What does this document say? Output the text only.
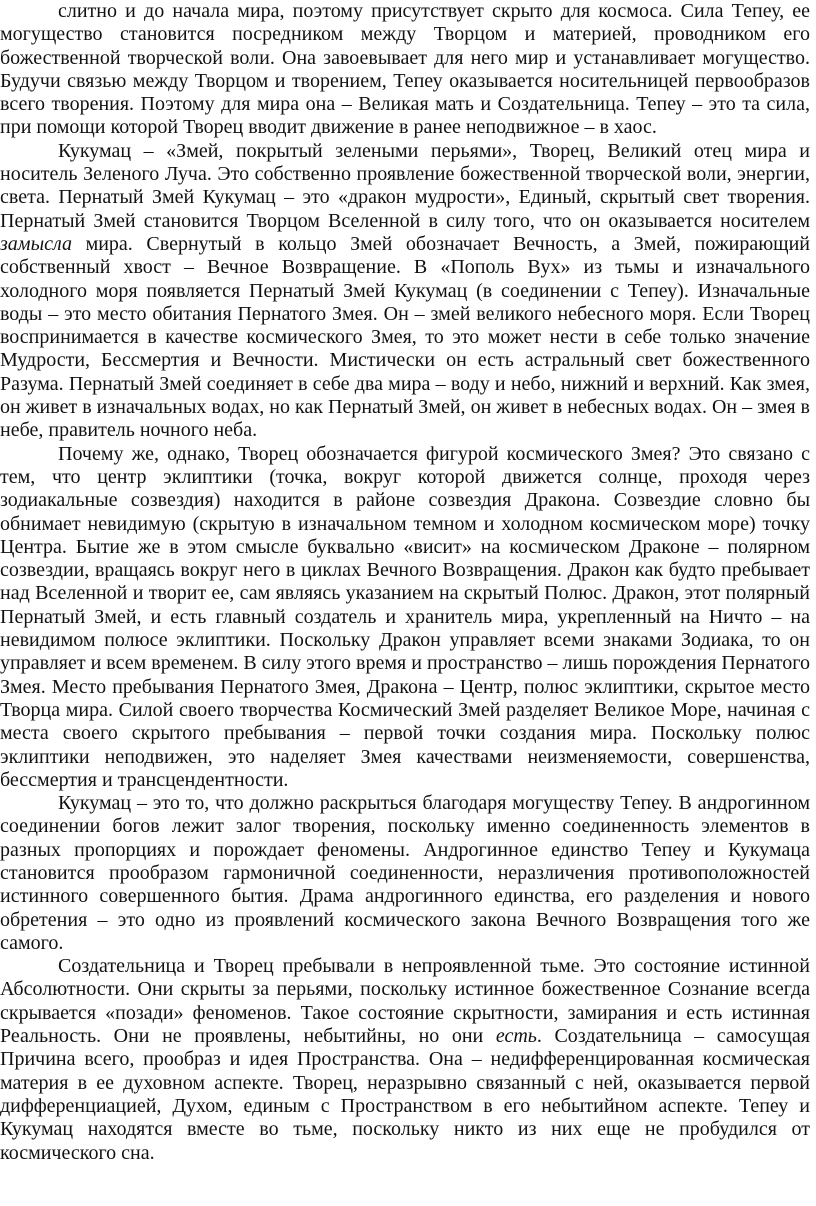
слитно и до начала мира, поэтому присутствует скрыто для космоса. Сила Тепеу, ее могущество становится посредником между Творцом и материей, проводником его божественной творческой воли. Она завоевывает для него мир и устанавливает могущество. Будучи связью между Творцом и творением, Тепеу оказывается носительницей первообразов всего творения. Поэтому для мира она – Великая мать и Создательница. Тепеу – это та сила, при помощи которой Творец вводит движение в ранее неподвижное – в хаос.

Кукумац – «Змей, покрытый зелеными перьями», Творец, Великий отец мира и носитель Зеленого Луча. Это собственно проявление божественной творческой воли, энергии, света. Пернатый Змей Кукумац – это «дракон мудрости», Единый, скрытый свет творения. Пернатый Змей становится Творцом Вселенной в силу того, что он оказывается носителем замысла мира. Свернутый в кольцо Змей обозначает Вечность, а Змей, пожирающий собственный хвост – Вечное Возвращение. В «Пополь Вух» из тьмы и изначального холодного моря появляется Пернатый Змей Кукумац (в соединении с Тепеу). Изначальные воды – это место обитания Пернатого Змея. Он – змей великого небесного моря. Если Творец воспринимается в качестве космического Змея, то это может нести в себе только значение Мудрости, Бессмертия и Вечности. Мистически он есть астральный свет божественного Разума. Пернатый Змей соединяет в себе два мира – воду и небо, нижний и верхний. Как змея, он живет в изначальных водах, но как Пернатый Змей, он живет в небесных водах. Он – змея в небе, правитель ночного неба.

Почему же, однако, Творец обозначается фигурой космического Змея? Это связано с тем, что центр эклиптики (точка, вокруг которой движется солнце, проходя через зодиакальные созвездия) находится в районе созвездия Дракона. Созвездие словно бы обнимает невидимую (скрытую в изначальном темном и холодном космическом море) точку Центра. Бытие же в этом смысле буквально «висит» на космическом Драконе – полярном созвездии, вращаясь вокруг него в циклах Вечного Возвращения. Дракон как будто пребывает над Вселенной и творит ее, сам являясь указанием на скрытый Полюс. Дракон, этот полярный Пернатый Змей, и есть главный создатель и хранитель мира, укрепленный на Ничто – на невидимом полюсе эклиптики. Поскольку Дракон управляет всеми знаками Зодиака, то он управляет и всем временем. В силу этого время и пространство – лишь порождения Пернатого Змея. Место пребывания Пернатого Змея, Дракона – Центр, полюс эклиптики, скрытое место Творца мира. Силой своего творчества Космический Змей разделяет Великое Море, начиная с места своего скрытого пребывания – первой точки создания мира. Поскольку полюс эклиптики неподвижен, это наделяет Змея качествами неизменяемости, совершенства, бессмертия и трансцендентности.

Кукумац – это то, что должно раскрыться благодаря могуществу Тепеу. В андрогинном соединении богов лежит залог творения, поскольку именно соединенность элементов в разных пропорциях и порождает феномены. Андрогинное единство Тепеу и Кукумаца становится прообразом гармоничной соединенности, неразличения противоположностей истинного совершенного бытия. Драма андрогинного единства, его разделения и нового обретения – это одно из проявлений космического закона Вечного Возвращения того же самого.

Создательница и Творец пребывали в непроявленной тьме. Это состояние истинной Абсолютности. Они скрыты за перьями, поскольку истинное божественное Сознание всегда скрывается «позади» феноменов. Такое состояние скрытности, замирания и есть истинная Реальность. Они не проявлены, небытийны, но они есть. Создательница – самосущая Причина всего, прообраз и идея Пространства. Она – недифференцированная космическая материя в ее духовном аспекте. Творец, неразрывно связанный с ней, оказывается первой дифференциацией, Духом, единым с Пространством в его небытийном аспекте. Тепеу и Кукумац находятся вместе во тьме, поскольку никто из них еще не пробудился от космического сна.
